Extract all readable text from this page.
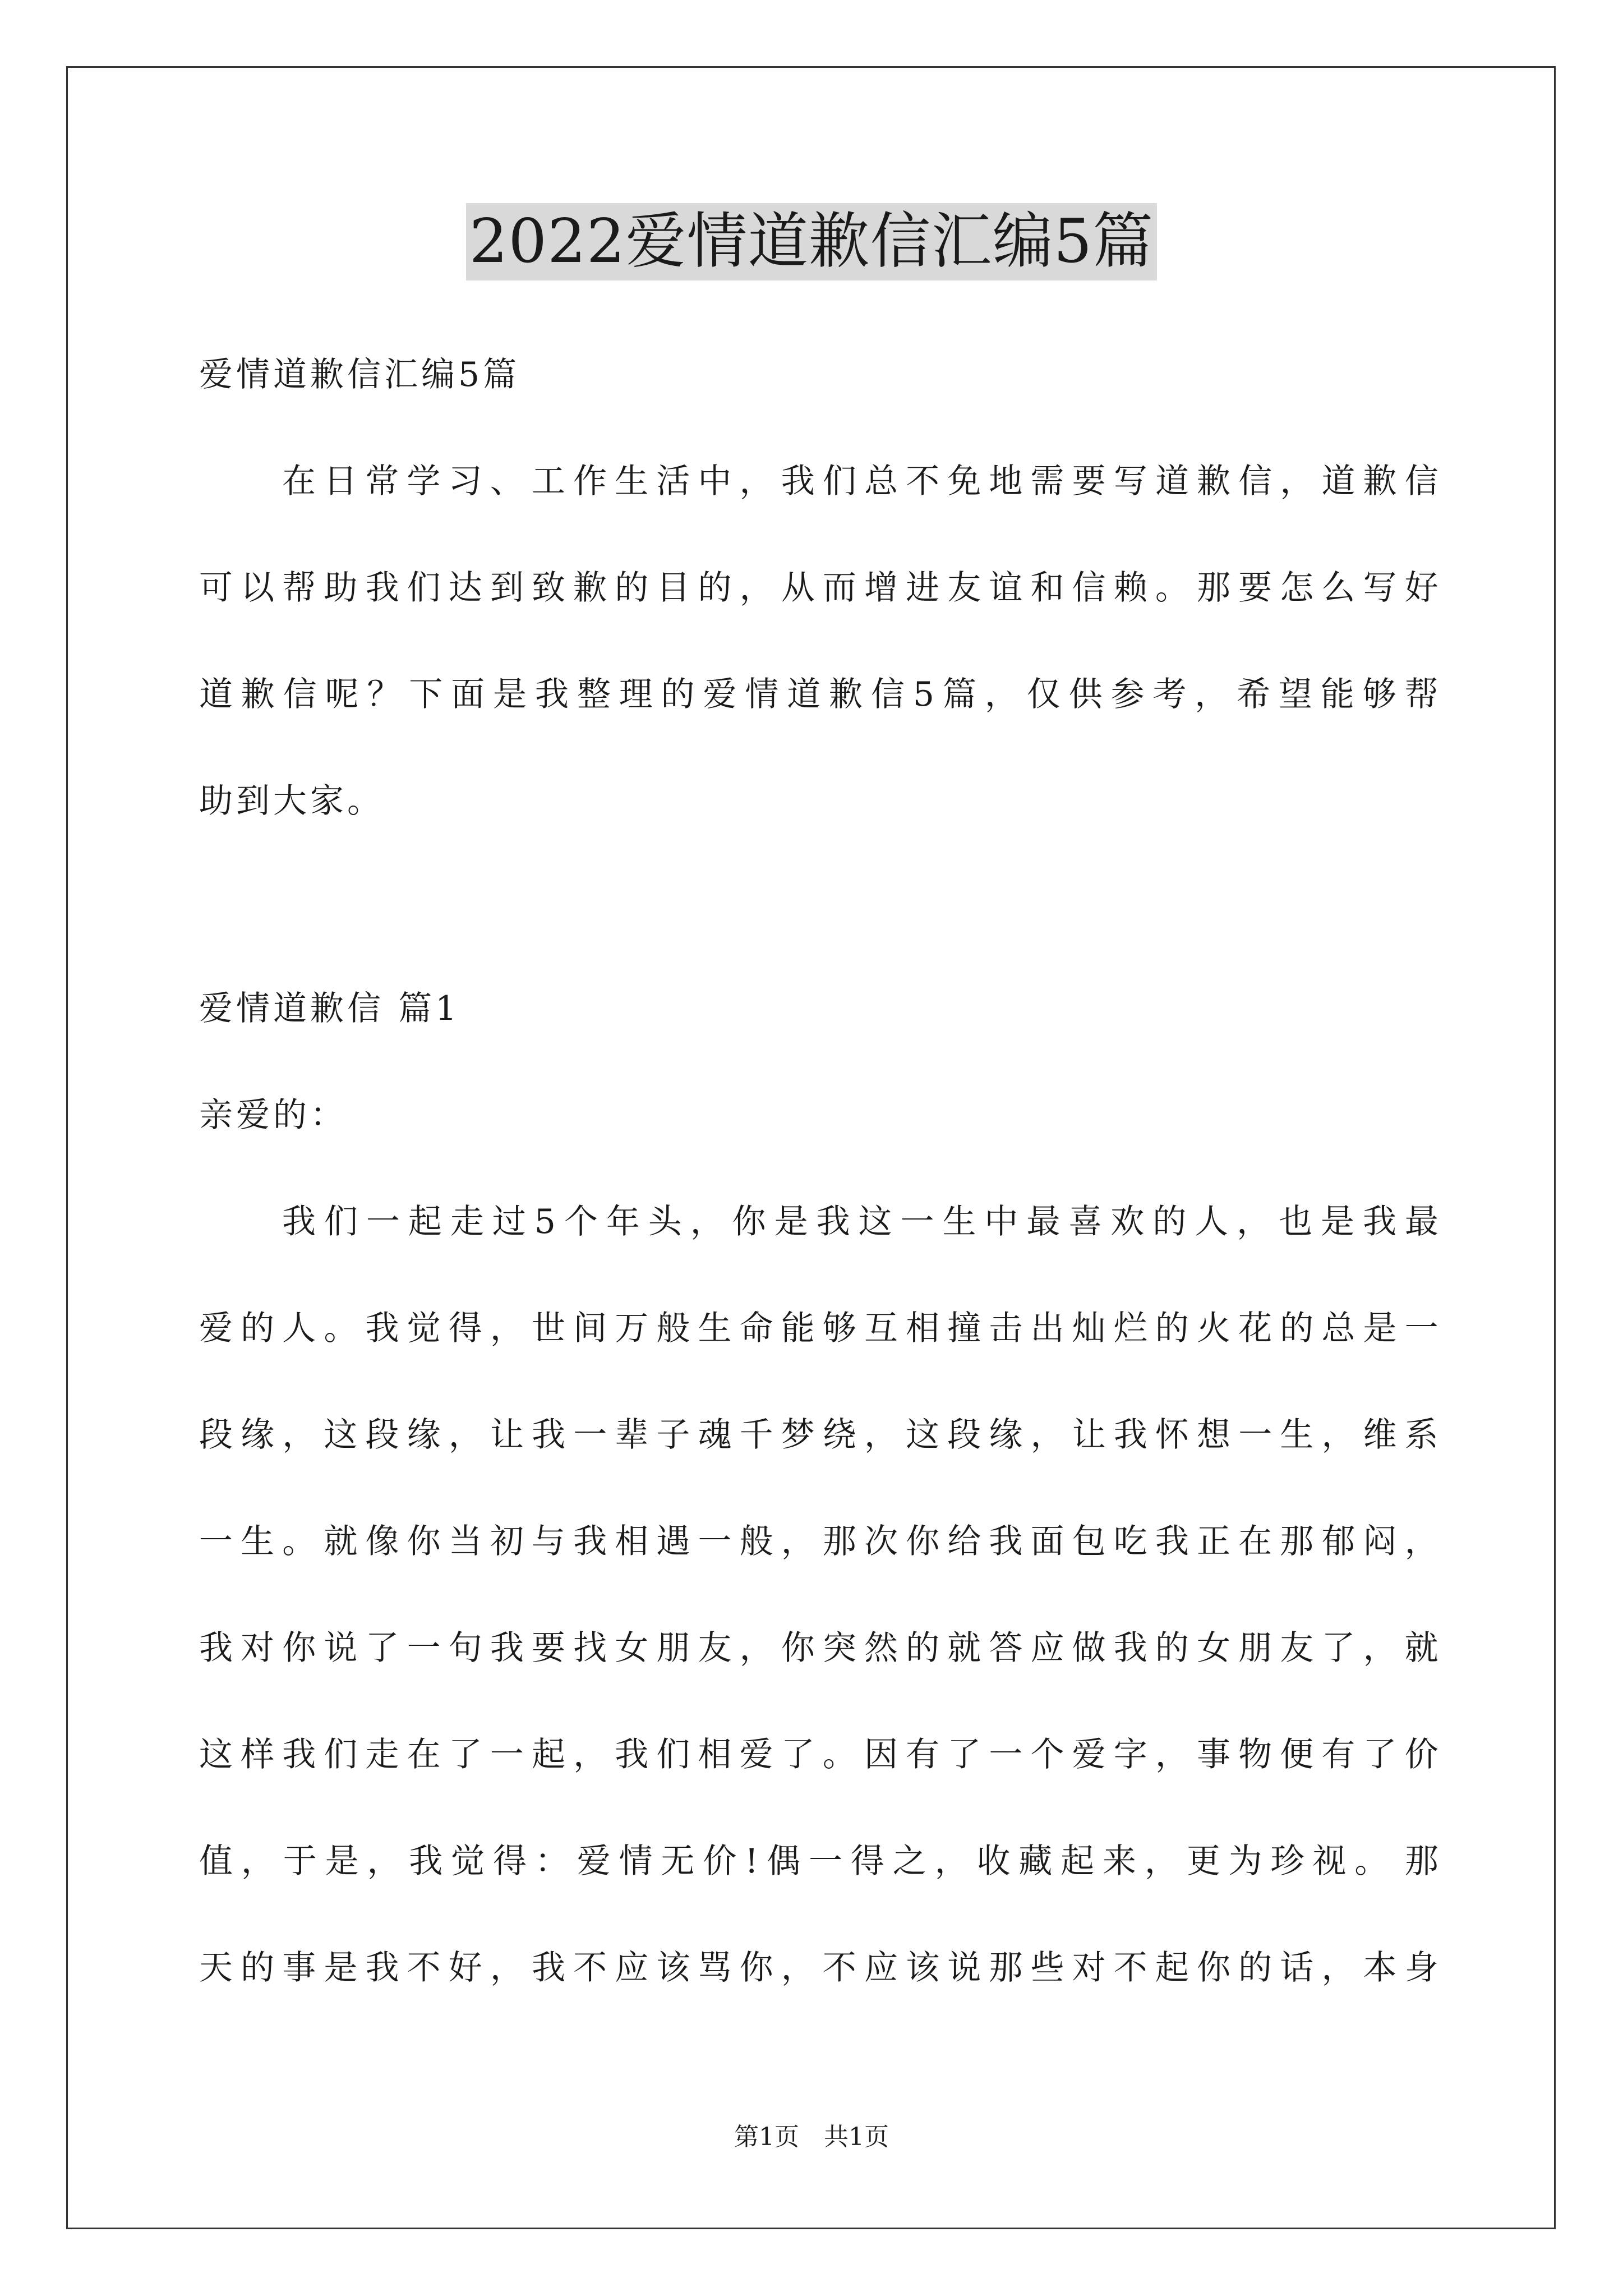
2022爱情道歉信汇编5篇
爱情道歉信汇编5篇
在 日 常 学 习 、 工 作 生 活 中 ， 我 们 总 不 免 地 需 要 写 道 歉 信 ， 道 歉 信
可 以 帮 助 我 们 达 到 致 歉 的 目 的 ， 从 而 增 进 友 谊 和 信 赖 。 那 要 怎 么 写 好
道 歉 信 呢 ？ 下 面 是 我 整 理 的 爱 情 道 歉 信 5 篇 ， 仅 供 参 考 ， 希 望 能 够 帮
助到大家。
爱情道歉信 篇1
亲爱的：
我 们 一 起 走 过 5 个 年 头 ， 你 是 我 这 一 生 中 最 喜 欢 的 人 ， 也 是 我 最
爱 的 人 。 我 觉 得 ， 世 间 万 般 生 命 能 够 互 相 撞 击 出 灿 烂 的 火 花 的 总 是 一
段 缘 ， 这 段 缘 ， 让 我 一 辈 子 魂 千 梦 绕 ， 这 段 缘 ， 让 我 怀 想 一 生 ， 维 系
一 生 。 就 像 你 当 初 与 我 相 遇 一 般 ， 那 次 你 给 我 面 包 吃 我 正 在 那 郁 闷 ，
我 对 你 说 了 一 句 我 要 找 女 朋 友 ， 你 突 然 的 就 答 应 做 我 的 女 朋 友 了 ， 就
这 样 我 们 走 在 了 一 起 ， 我 们 相 爱 了 。 因 有 了 一 个 爱 字 ， 事 物 便 有 了 价
值 ， 于 是 ， 我 觉 得 ： 爱 情 无 价 ! 偶 一 得 之 ， 收 藏 起 来 ， 更 为 珍 视 。 那
天 的 事 是 我 不 好 ， 我 不 应 该 骂 你 ， 不 应 该 说 那 些 对 不 起 你 的 话 ， 本 身
第1页　共1页
